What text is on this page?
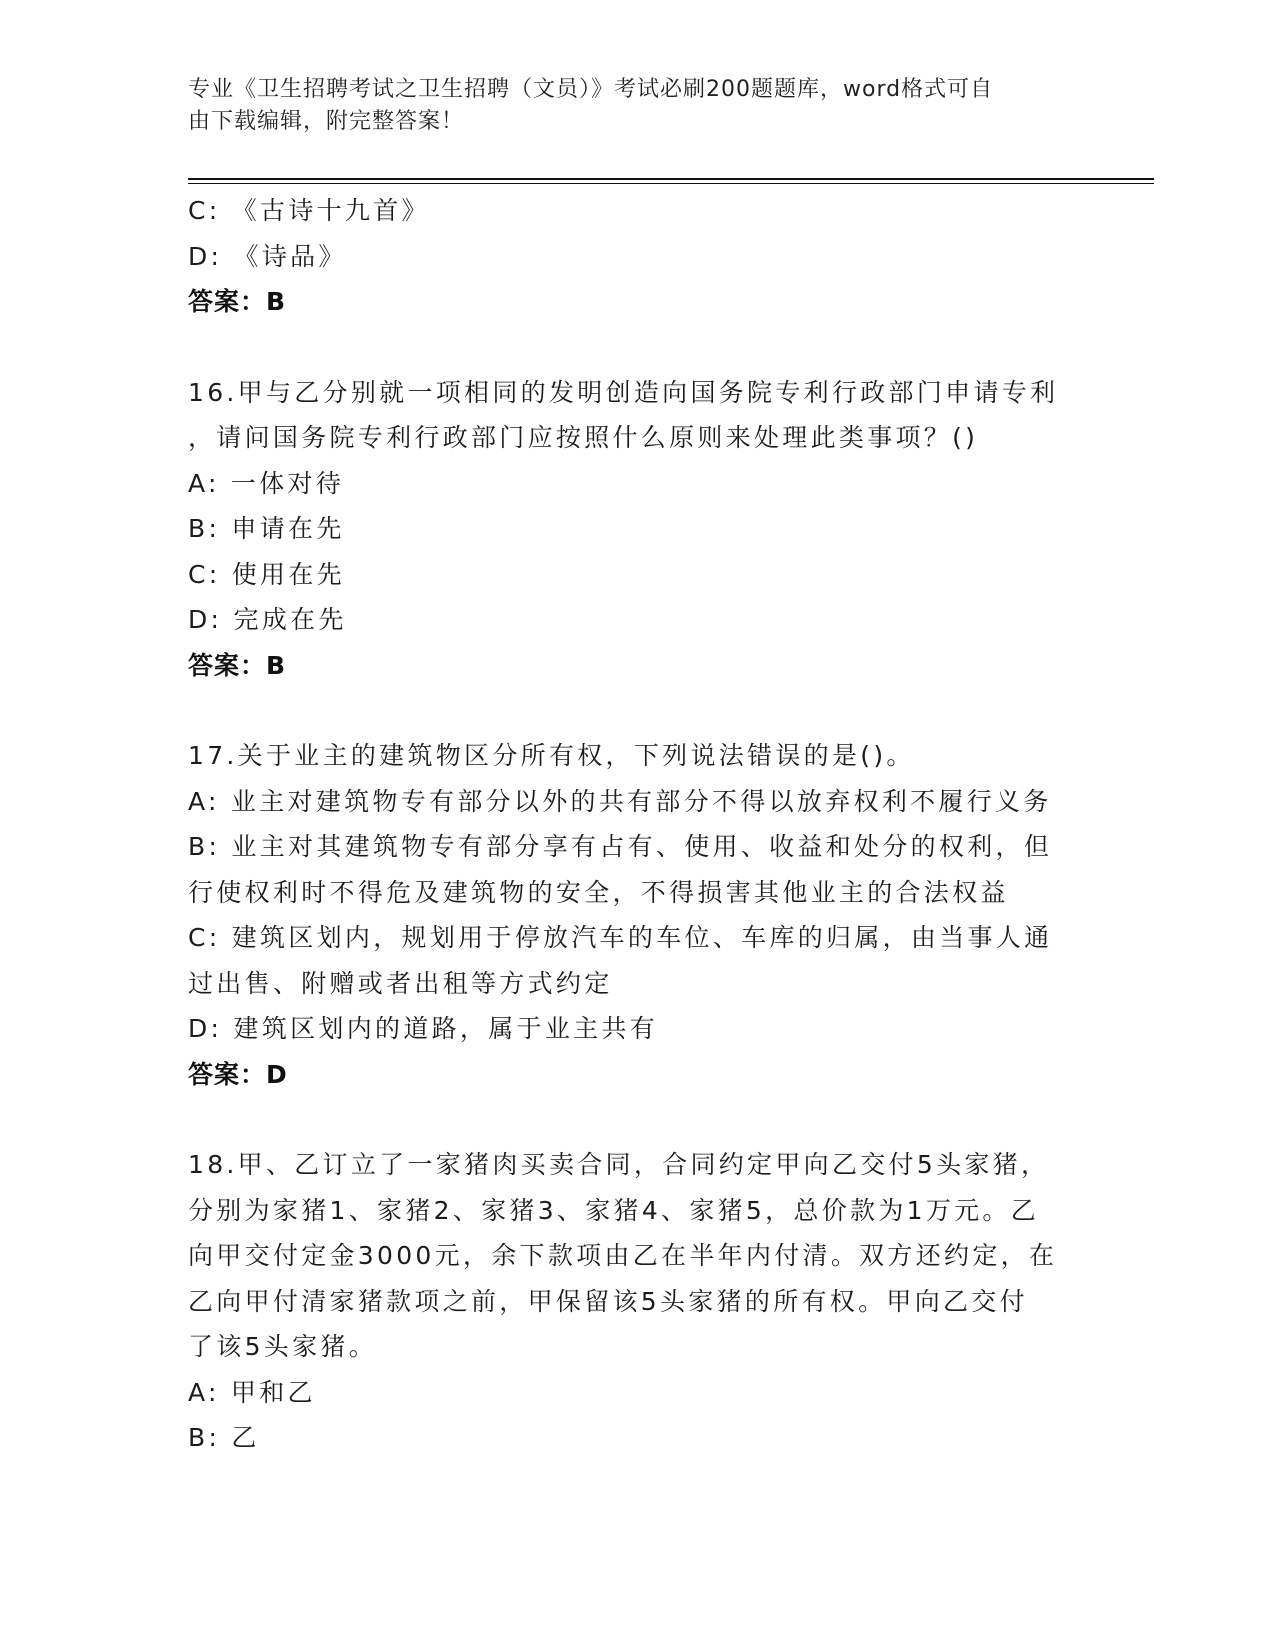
专业《卫生招聘考试之卫生招聘（文员）》考试必刷200题题库，word格式可自
由下载编辑，附完整答案！

C: 《古诗十九首》

D: 《诗品》

答案：B

16.甲与乙分别就一项相同的发明创造向国务院专利行政部门申请专利

，请问国务院专利行政部门应按照什么原则来处理此类事项？()

A: 一体对待

B: 申请在先

C: 使用在先

D: 完成在先

答案：B

17.关于业主的建筑物区分所有权，下列说法错误的是()。

A: 业主对建筑物专有部分以外的共有部分不得以放弃权利不履行义务

B: 业主对其建筑物专有部分享有占有、使用、收益和处分的权利，但

行使权利时不得危及建筑物的安全，不得损害其他业主的合法权益

C: 建筑区划内，规划用于停放汽车的车位、车库的归属，由当事人通

过出售、附赠或者出租等方式约定

D: 建筑区划内的道路，属于业主共有

答案：D

18.甲、乙订立了一家猪肉买卖合同，合同约定甲向乙交付5头家猪，

分别为家猪1、家猪2、家猪3、家猪4、家猪5，总价款为1万元。乙

向甲交付定金3000元，余下款项由乙在半年内付清。双方还约定，在

乙向甲付清家猪款项之前，甲保留该5头家猪的所有权。甲向乙交付

了该5头家猪。

A: 甲和乙

B: 乙
